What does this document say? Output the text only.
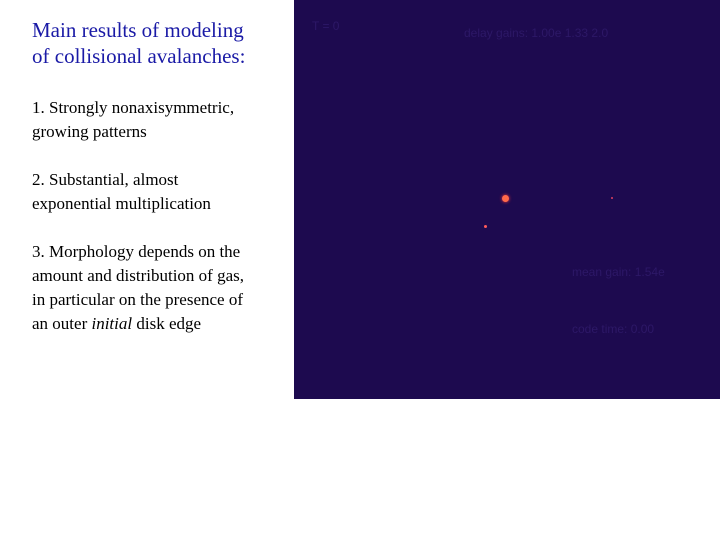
Main results of modeling
of collisional avalanches:
1. Strongly nonaxisymmetric,
growing patterns
2. Substantial, almost
exponential multiplication
3. Morphology depends on the
amount and distribution of gas,
in particular on the presence of
an outer initial disk edge
T = 0	delay gains: 1.00e 1.33 2.0
mean gain: 1.54e
code time: 0.00
